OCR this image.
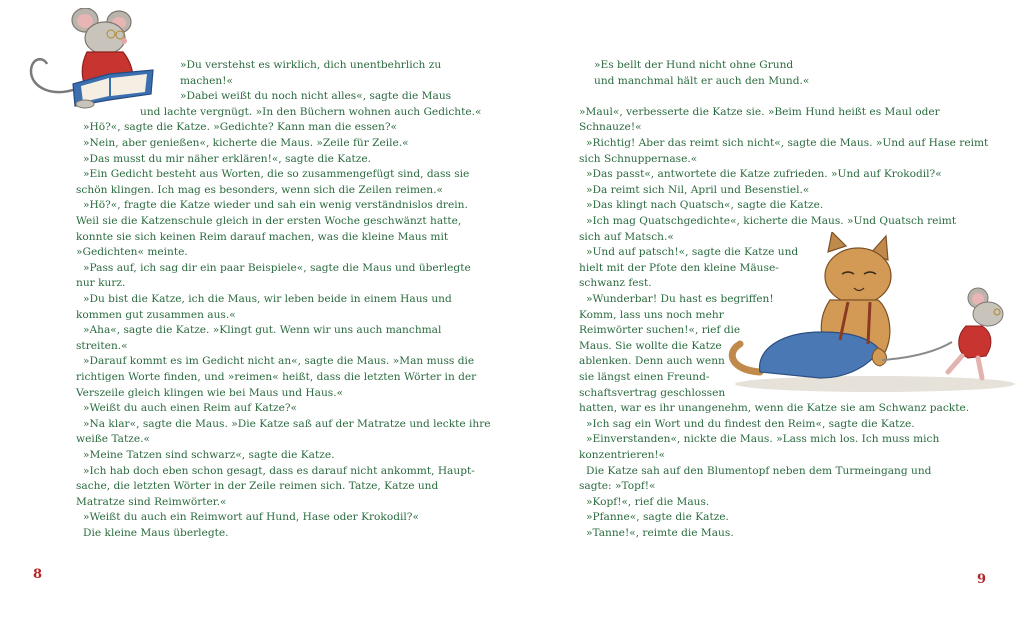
»Du verstehst es wirklich, dich unentbehrlich zu
machen!«
»Dabei weißt du noch nicht alles«, sagte die Maus
und lachte vergnügt. »In den Büchern wohnen auch Gedichte.«
»Hö?«, sagte die Katze. »Gedichte? Kann man die essen?«
»Nein, aber genießen«, kicherte die Maus. »Zeile für Zeile.«
»Das musst du mir näher erklären!«, sagte die Katze.
»Ein Gedicht besteht aus Worten, die so zusammengefügt sind, dass sie
schön klingen. Ich mag es besonders, wenn sich die Zeilen reimen.«
»Hö?«, fragte die Katze wieder und sah ein wenig verständnislos drein.
Weil sie die Katzenschule gleich in der ersten Woche geschwänzt hatte,
konnte sie sich keinen Reim darauf machen, was die kleine Maus mit
»Gedichten« meinte.
»Pass auf, ich sag dir ein paar Beispiele«, sagte die Maus und überlegte
nur kurz.
»Du bist die Katze, ich die Maus, wir leben beide in einem Haus und
kommen gut zusammen aus.«
»Aha«, sagte die Katze. »Klingt gut. Wenn wir uns auch manchmal
streiten.«
»Darauf kommt es im Gedicht nicht an«, sagte die Maus. »Man muss die
richtigen Worte finden, und »reimen« heißt, dass die letzten Wörter in der
Verszeile gleich klingen wie bei Maus und Haus.«
»Weißt du auch einen Reim auf Katze?«
»Na klar«, sagte die Maus. »Die Katze saß auf der Matratze und leckte ihre
weiße Tatze.«
»Meine Tatzen sind schwarz«, sagte die Katze.
»Ich hab doch eben schon gesagt, dass es darauf nicht ankommt, Haupt-
sache, die letzten Wörter in der Zeile reimen sich. Tatze, Katze und
Matratze sind Reimwörter.«
»Weißt du auch ein Reimwort auf Hund, Hase oder Krokodil?«
Die kleine Maus überlegte.
8
»Es bellt der Hund nicht ohne Grund
und manchmal hält er auch den Mund.«
»Maul«, verbesserte die Katze sie. »Beim Hund heißt es Maul oder
Schnauze!«
»Richtig! Aber das reimt sich nicht«, sagte die Maus. »Und auf Hase reimt
sich Schnuppernase.«
»Das passt«, antwortete die Katze zufrieden. »Und auf Krokodil?«
»Da reimt sich Nil, April und Besenstiel.«
»Das klingt nach Quatsch«, sagte die Katze.
»Ich mag Quatschgedichte«, kicherte die Maus. »Und Quatsch reimt
sich auf Matsch.«
»Und auf patsch!«, sagte die Katze und
hielt mit der Pfote den kleine Mäuse-
schwanz fest.
»Wunderbar! Du hast es begriffen!
Komm, lass uns noch mehr
Reimwörter suchen!«, rief die
Maus. Sie wollte die Katze
ablenken. Denn auch wenn
sie längst einen Freund-
schaftsvertrag geschlossen
hatten, war es ihr unangenehm, wenn die Katze sie am Schwanz packte.
»Ich sag ein Wort und du findest den Reim«, sagte die Katze.
»Einverstanden«, nickte die Maus. »Lass mich los. Ich muss mich
konzentrieren!«
Die Katze sah auf den Blumentopf neben dem Turmeingang und
sagte: »Topf!«
»Kopf!«, rief die Maus.
»Pfanne«, sagte die Katze.
»Tanne!«, reimte die Maus.
9
